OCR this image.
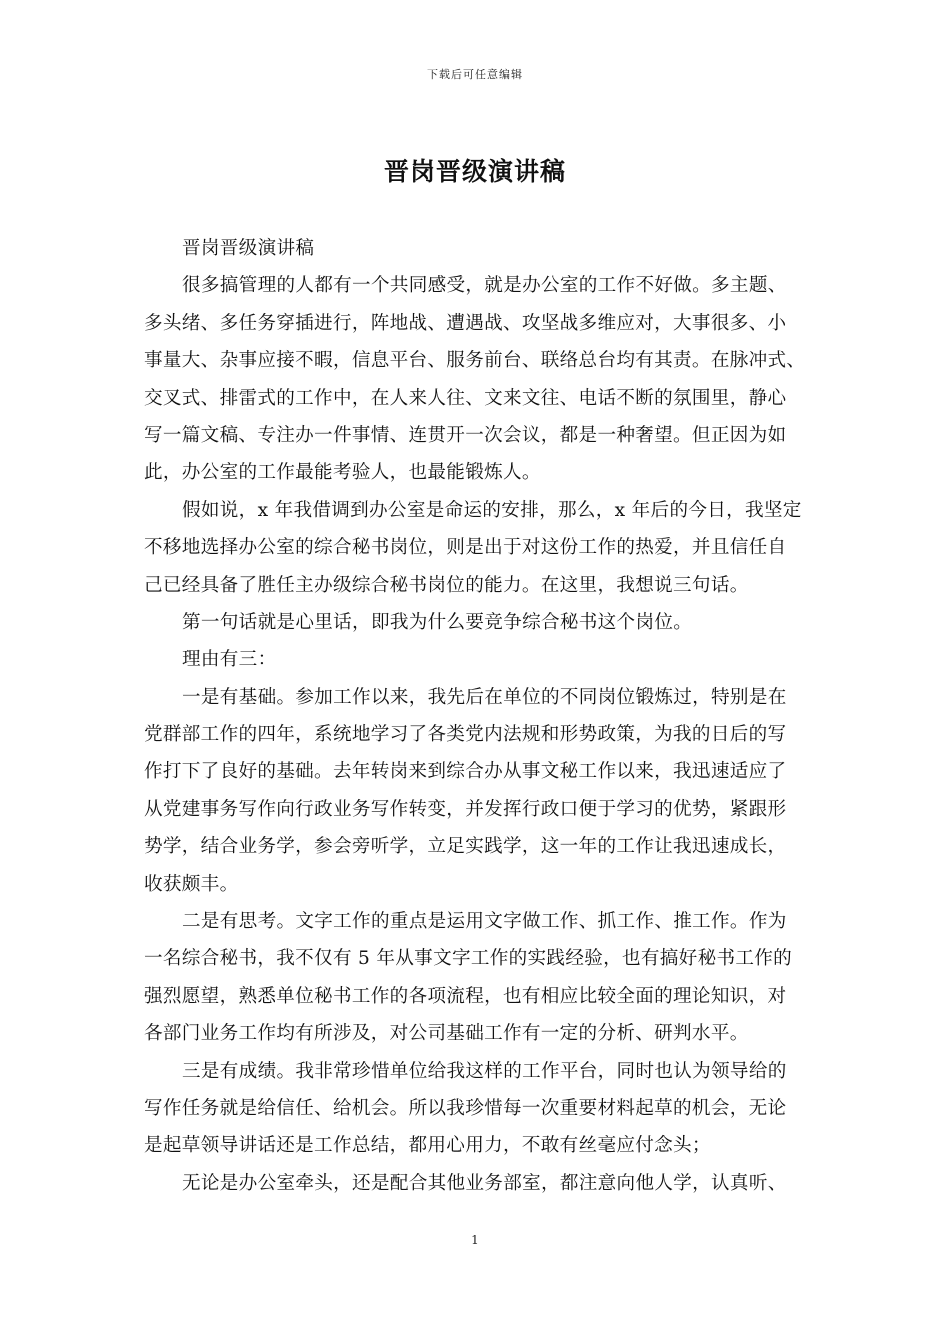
下载后可任意编辑
晋岗晋级演讲稿
晋岗晋级演讲稿
很多搞管理的人都有一个共同感受，就是办公室的工作不好做。多主题、
多头绪、多任务穿插进行，阵地战、遭遇战、攻坚战多维应对，大事很多、小
事量大、杂事应接不暇，信息平台、服务前台、联络总台均有其责。在脉冲式、
交叉式、排雷式的工作中，在人来人往、文来文往、电话不断的氛围里，静心
写一篇文稿、专注办一件事情、连贯开一次会议，都是一种奢望。但正因为如
此，办公室的工作最能考验人，也最能锻炼人。
假如说，x 年我借调到办公室是命运的安排，那么，x 年后的今日，我坚定
不移地选择办公室的综合秘书岗位，则是出于对这份工作的热爱，并且信任自
己已经具备了胜任主办级综合秘书岗位的能力。在这里，我想说三句话。
第一句话就是心里话，即我为什么要竞争综合秘书这个岗位。
理由有三：
一是有基础。参加工作以来，我先后在单位的不同岗位锻炼过，特别是在
党群部工作的四年，系统地学习了各类党内法规和形势政策，为我的日后的写
作打下了良好的基础。去年转岗来到综合办从事文秘工作以来，我迅速适应了
从党建事务写作向行政业务写作转变，并发挥行政口便于学习的优势，紧跟形
势学，结合业务学，参会旁听学，立足实践学，这一年的工作让我迅速成长，
收获颇丰。
二是有思考。文字工作的重点是运用文字做工作、抓工作、推工作。作为
一名综合秘书，我不仅有 5 年从事文字工作的实践经验，也有搞好秘书工作的
强烈愿望，熟悉单位秘书工作的各项流程，也有相应比较全面的理论知识，对
各部门业务工作均有所涉及，对公司基础工作有一定的分析、研判水平。
三是有成绩。我非常珍惜单位给我这样的工作平台，同时也认为领导给的
写作任务就是给信任、给机会。所以我珍惜每一次重要材料起草的机会，无论
是起草领导讲话还是工作总结，都用心用力，不敢有丝毫应付念头；
无论是办公室牵头，还是配合其他业务部室，都注意向他人学，认真听、
1
